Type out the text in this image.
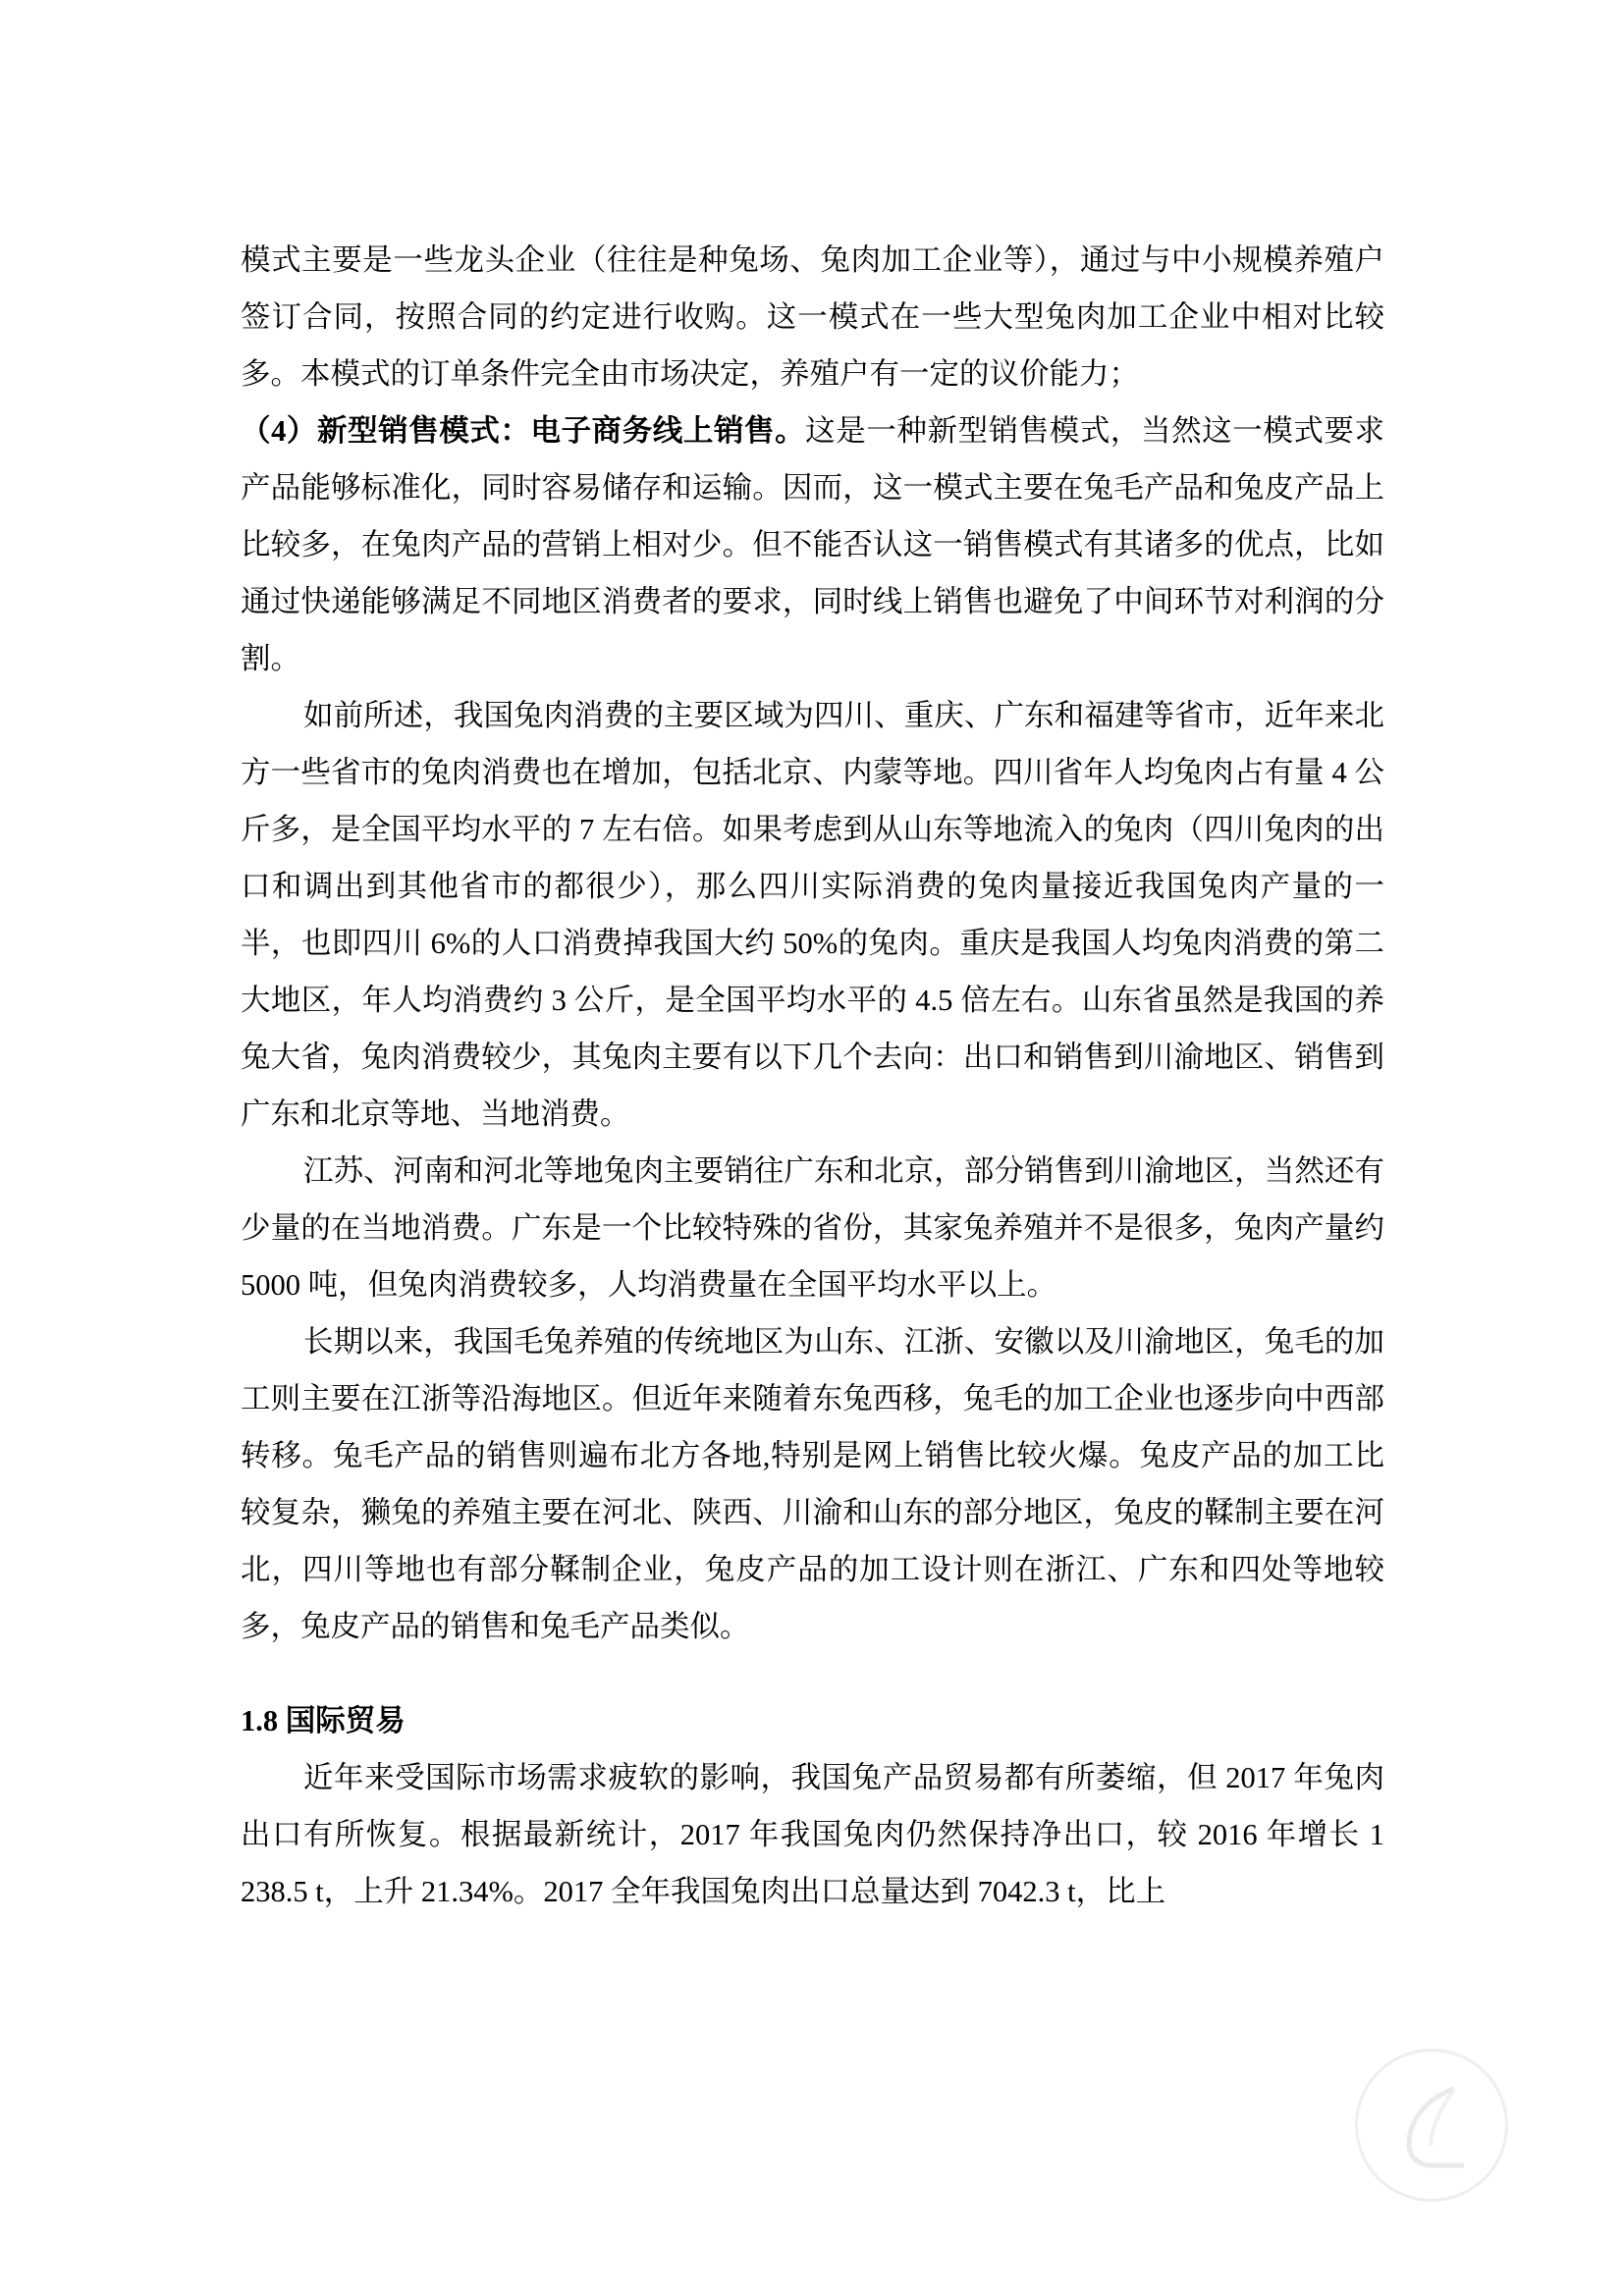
模式主要是一些龙头企业（往往是种兔场、兔肉加工企业等），通过与中小规模养殖户签订合同，按照合同的约定进行收购。这一模式在一些大型兔肉加工企业中相对比较多。本模式的订单条件完全由市场决定，养殖户有一定的议价能力；

（4）新型销售模式：电子商务线上销售。这是一种新型销售模式，当然这一模式要求产品能够标准化，同时容易储存和运输。因而，这一模式主要在兔毛产品和兔皮产品上比较多，在兔肉产品的营销上相对少。但不能否认这一销售模式有其诸多的优点，比如通过快递能够满足不同地区消费者的要求，同时线上销售也避免了中间环节对利润的分割。

如前所述，我国兔肉消费的主要区域为四川、重庆、广东和福建等省市，近年来北方一些省市的兔肉消费也在增加，包括北京、内蒙等地。四川省年人均兔肉占有量 4 公斤多，是全国平均水平的 7 左右倍。如果考虑到从山东等地流入的兔肉（四川兔肉的出口和调出到其他省市的都很少），那么四川实际消费的兔肉量接近我国兔肉产量的一半，也即四川 6%的人口消费掉我国大约 50%的兔肉。重庆是我国人均兔肉消费的第二大地区，年人均消费约 3 公斤，是全国平均水平的 4.5 倍左右。山东省虽然是我国的养兔大省，兔肉消费较少，其兔肉主要有以下几个去向：出口和销售到川渝地区、销售到广东和北京等地、当地消费。

江苏、河南和河北等地兔肉主要销往广东和北京，部分销售到川渝地区，当然还有少量的在当地消费。广东是一个比较特殊的省份，其家兔养殖并不是很多，兔肉产量约 5000 吨，但兔肉消费较多，人均消费量在全国平均水平以上。

长期以来，我国毛兔养殖的传统地区为山东、江浙、安徽以及川渝地区，兔毛的加工则主要在江浙等沿海地区。但近年来随着东兔西移，兔毛的加工企业也逐步向中西部转移。兔毛产品的销售则遍布北方各地,特别是网上销售比较火爆。兔皮产品的加工比较复杂，獭兔的养殖主要在河北、陕西、川渝和山东的部分地区，兔皮的鞣制主要在河北，四川等地也有部分鞣制企业，兔皮产品的加工设计则在浙江、广东和四处等地较多，兔皮产品的销售和兔毛产品类似。

1.8 国际贸易

近年来受国际市场需求疲软的影响，我国兔产品贸易都有所萎缩，但 2017 年兔肉出口有所恢复。根据最新统计，2017 年我国兔肉仍然保持净出口，较 2016 年增长 1 238.5 t，上升 21.34%。2017 全年我国兔肉出口总量达到 7042.3 t，比上
